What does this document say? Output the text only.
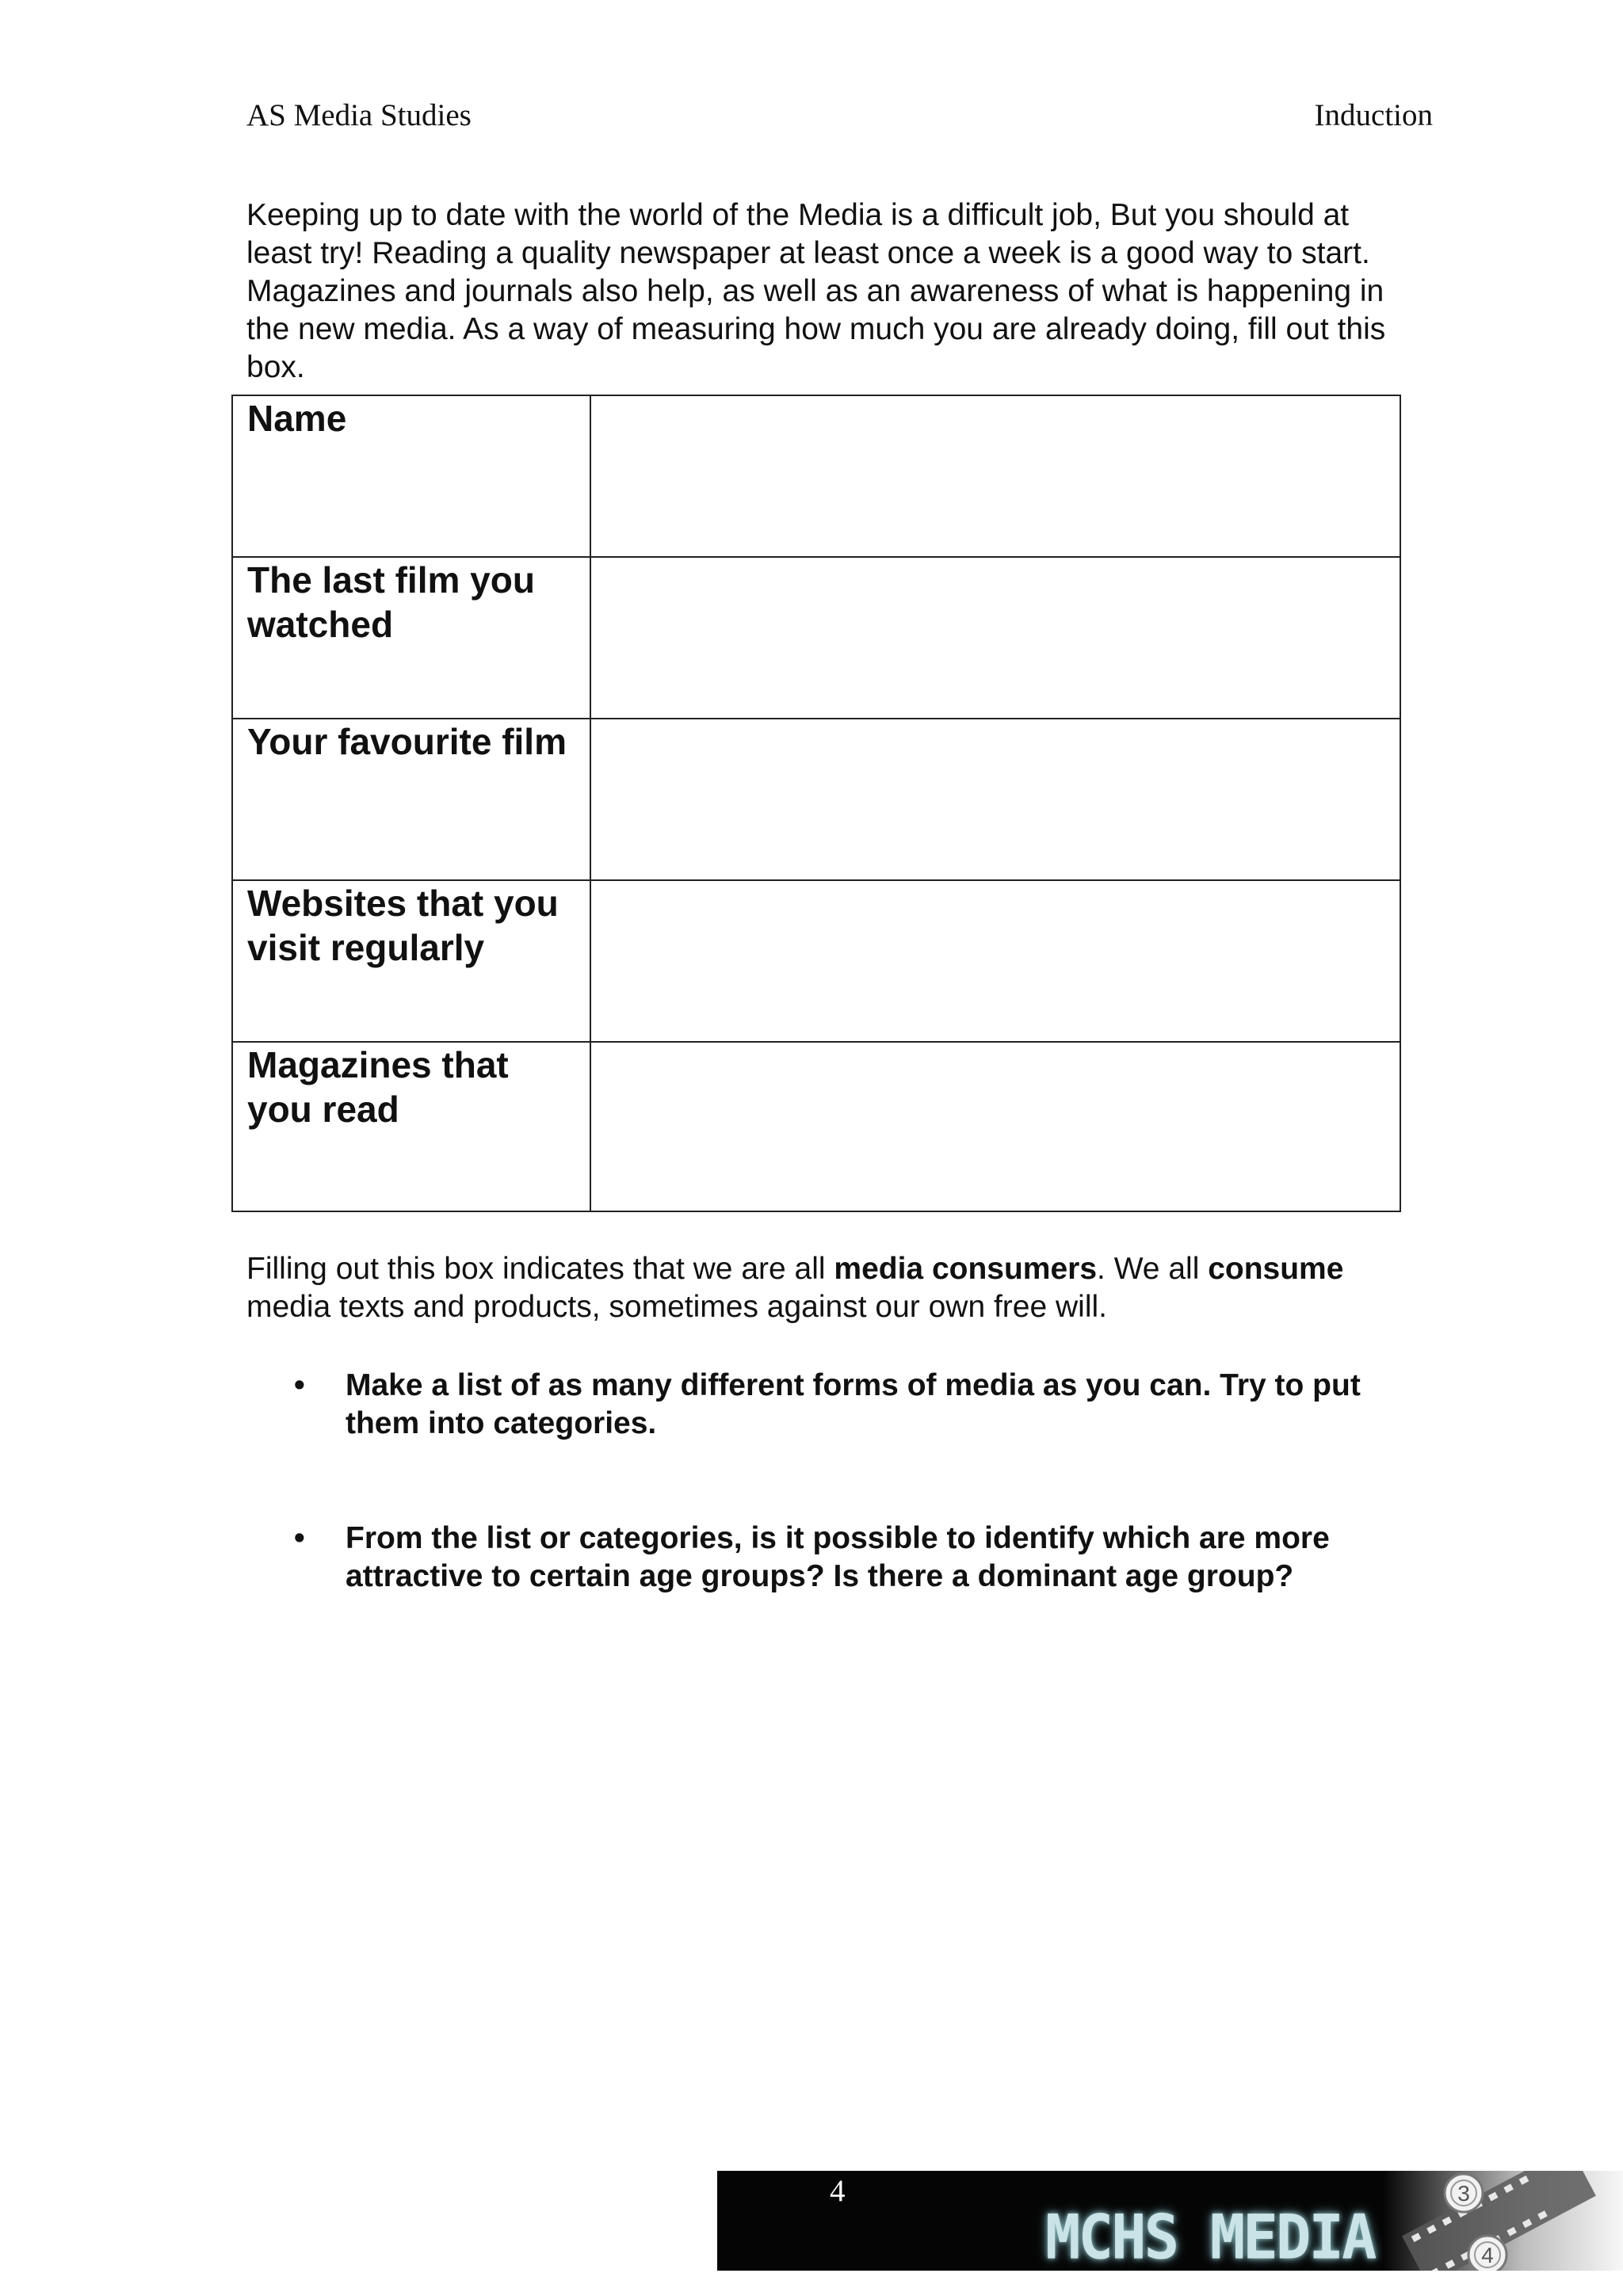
AS Media Studies	Induction

Keeping up to date with the world of the Media is a difficult job, But you should at least try! Reading a quality newspaper at least once a week is a good way to start. Magazines and journals also help, as well as an awareness of what is happening in the new media. As a way of measuring how much you are already doing, fill out this box.

Name	

The last film you watched	

Your favourite film	

Websites that you visit regularly	

Magazines that you read	

Filling out this box indicates that we are all media consumers. We all consume media texts and products, sometimes against our own free will.

• Make a list of as many different forms of media as you can. Try to put them into categories.
• From the list or categories, is it possible to identify which are more attractive to certain age groups? Is there a dominant age group?
4
MCHS MEDIA
3
4
